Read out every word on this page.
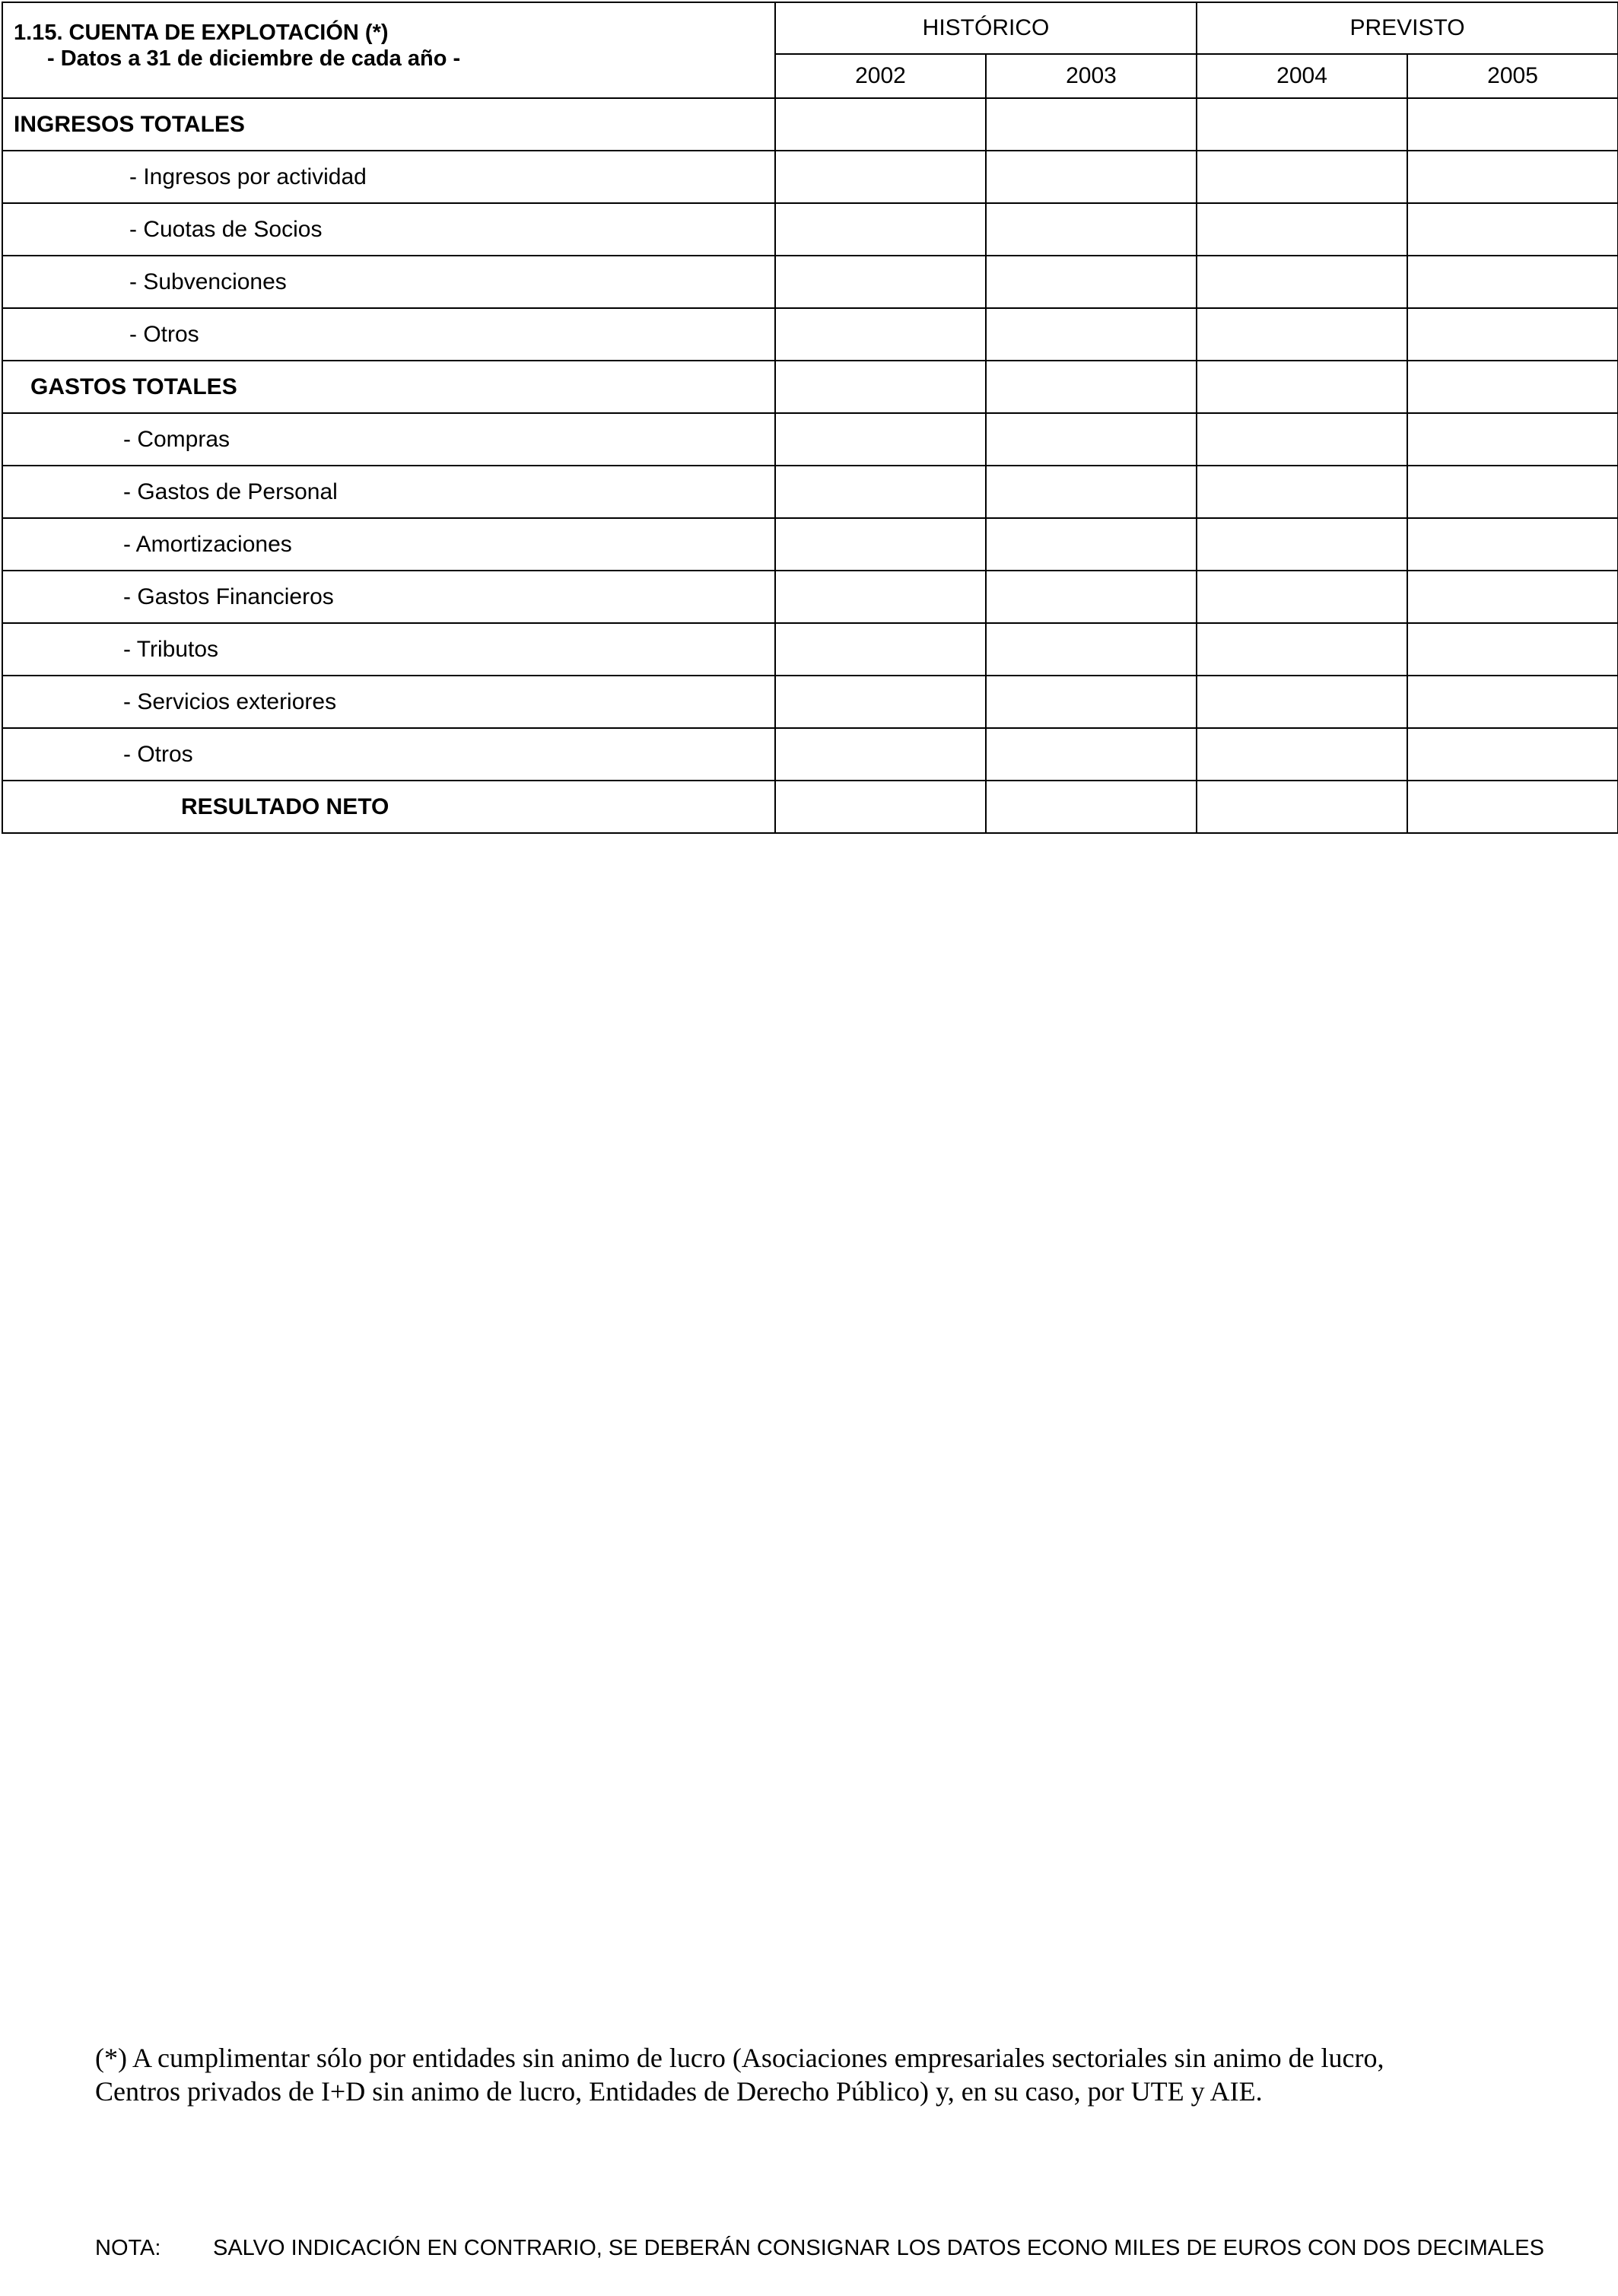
1.15. CUENTA DE EXPLOTACIÓN (*)
- Datos a 31 de diciembre de cada año -	HISTÓRICO		PREVISTO	
	2002	2003	2004	2005
INGRESOS TOTALES				
- Ingresos por actividad				
- Cuotas de Socios				
- Subvenciones				
- Otros				
GASTOS TOTALES				
- Compras				
- Gastos de Personal				
- Amortizaciones				
- Gastos Financieros				
- Tributos				
- Servicios exteriores				
- Otros				
RESULTADO NETO				
(*) A cumplimentar sólo por entidades sin animo de lucro (Asociaciones empresariales sectoriales sin animo de lucro,
Centros privados de I+D sin animo de lucro, Entidades de Derecho Público) y, en su caso, por UTE y AIE.
NOTA: SALVO INDICACIÓN EN CONTRARIO, SE DEBERÁN CONSIGNAR LOS DATOS ECONO MILES DE EUROS CON DOS DECIMALES
